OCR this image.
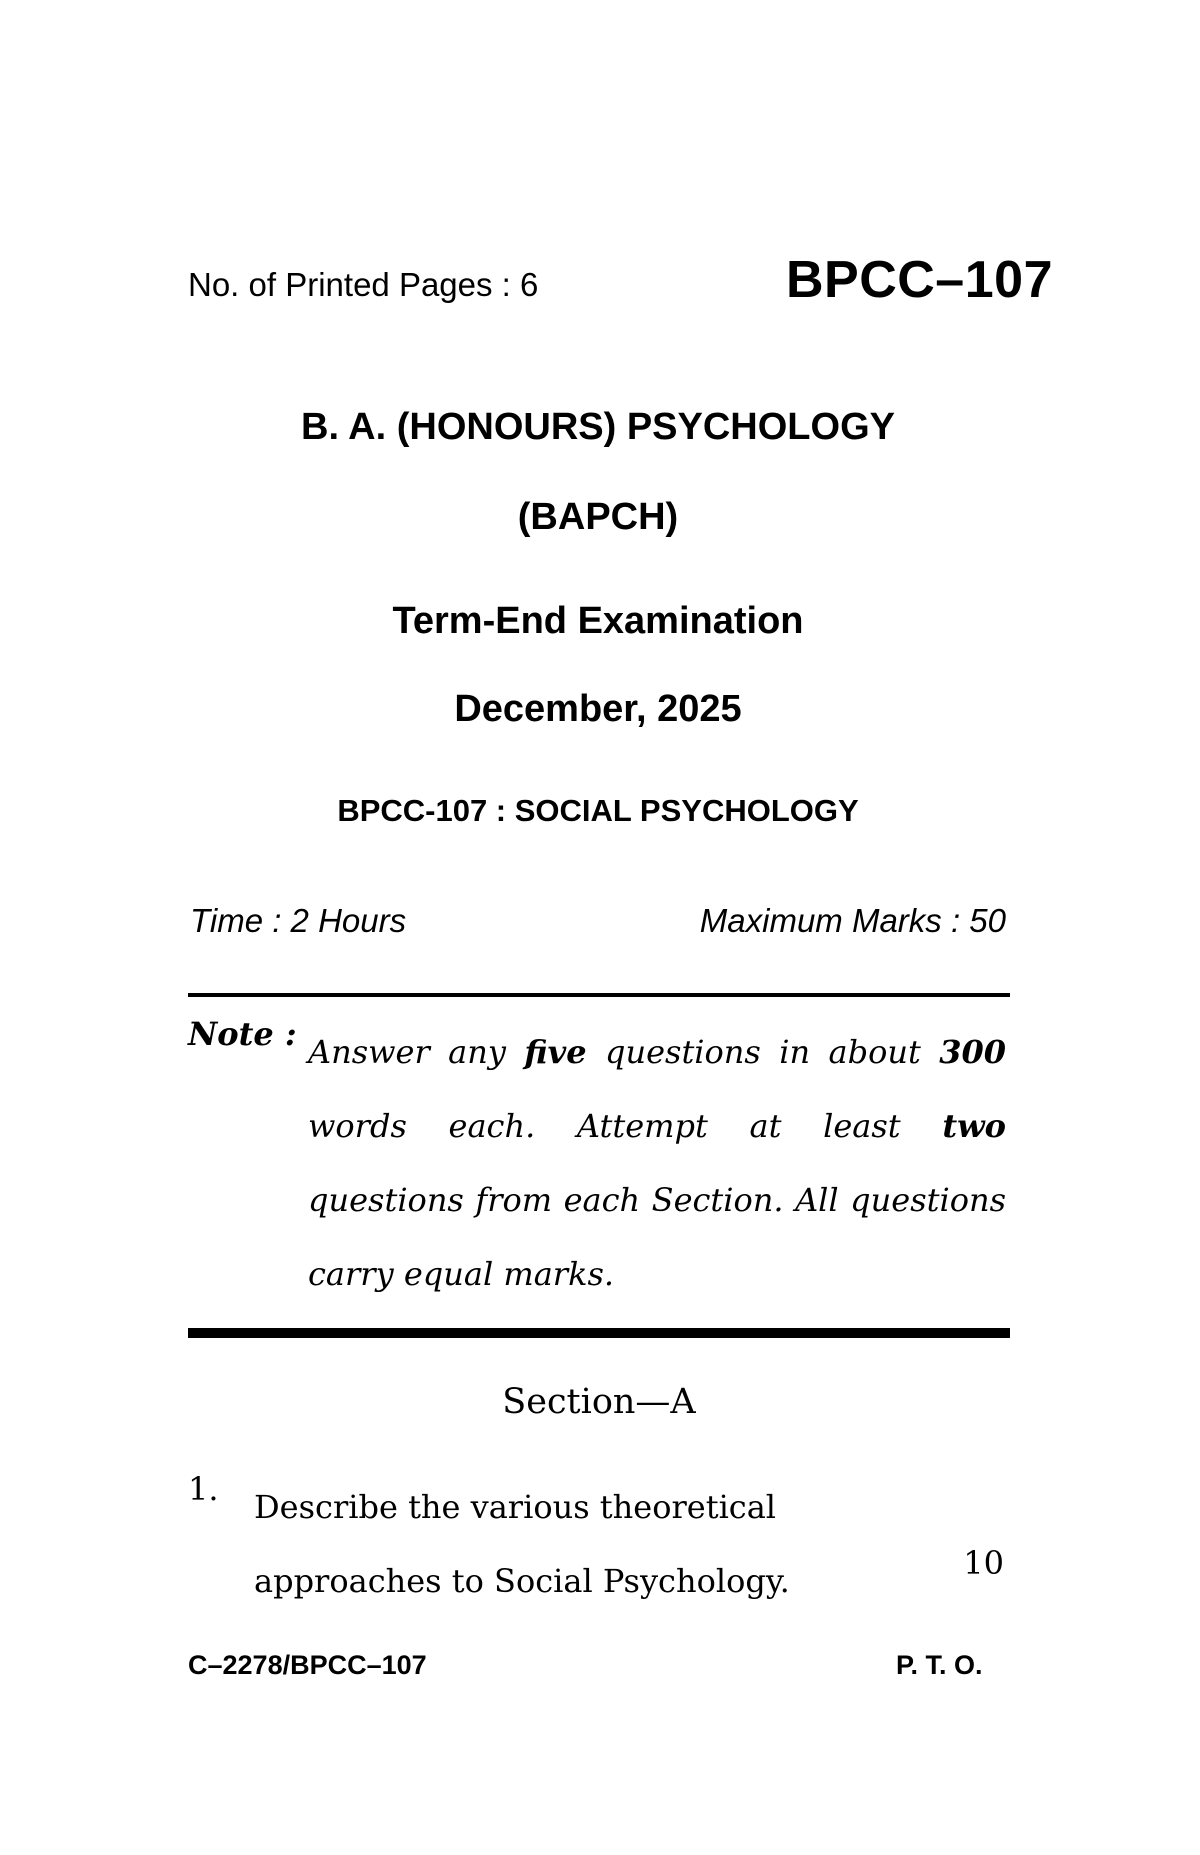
No. of Printed Pages : 6	BPCC–107
B. A. (HONOURS) PSYCHOLOGY
(BAPCH)
Term-End Examination
December, 2025
BPCC-107 : SOCIAL PSYCHOLOGY
Time : 2 Hours	Maximum Marks : 50
Note : Answer any five questions in about 300 words each. Attempt at least two questions from each Section. All questions carry equal marks.
Section—A
1. Describe the various theoretical approaches to Social Psychology.	10
C–2278/BPCC–107	P. T. O.
